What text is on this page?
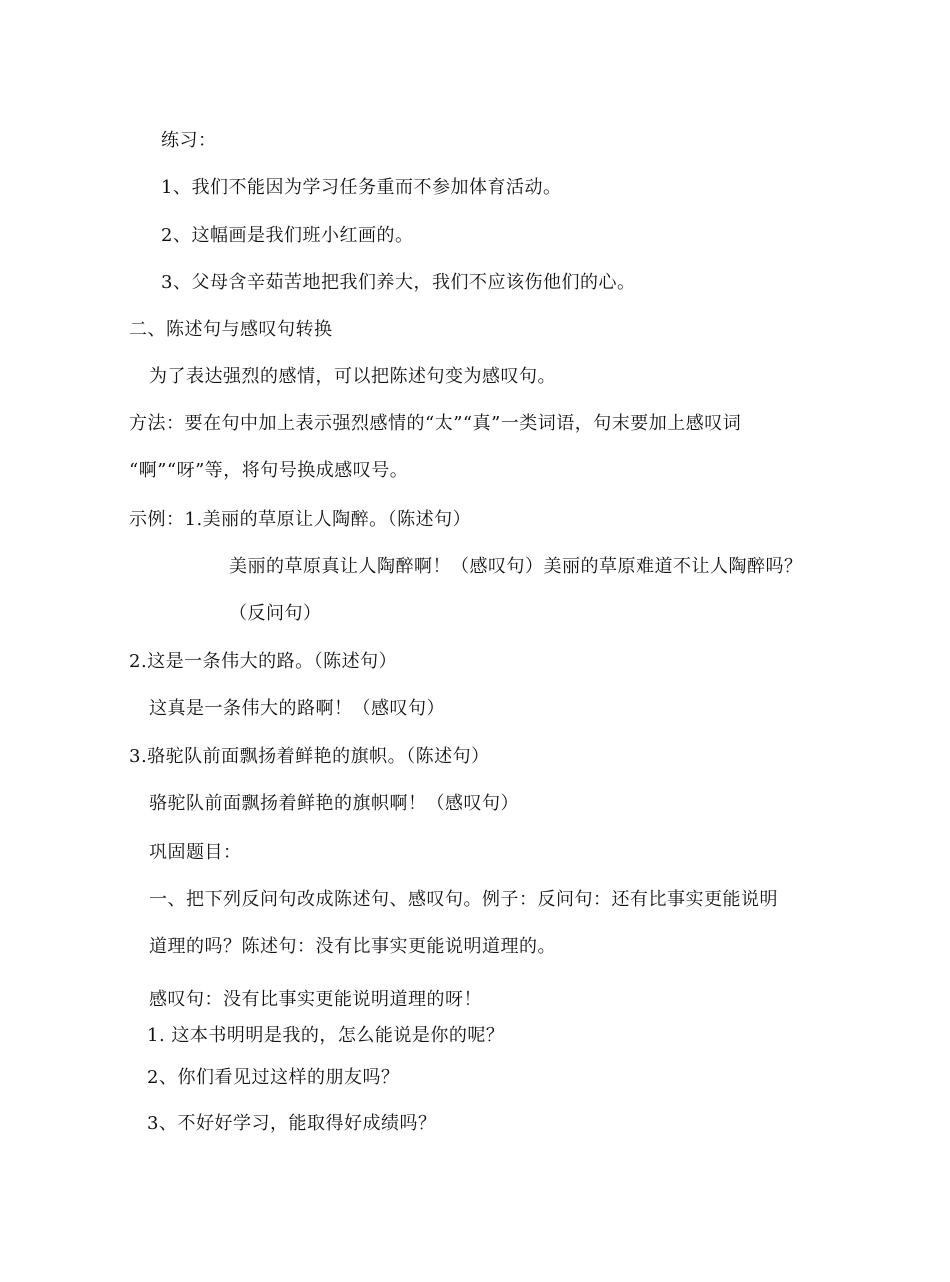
练习：
1、我们不能因为学习任务重而不参加体育活动。
2、这幅画是我们班小红画的。
3、父母含辛茹苦地把我们养大，我们不应该伤他们的心。
二、陈述句与感叹句转换
为了表达强烈的感情，可以把陈述句变为感叹句。
方法：要在句中加上表示强烈感情的“太”“真”一类词语，句末要加上感叹词
“啊”“呀”等，将句号换成感叹号。
示例：1.美丽的草原让人陶醉。（陈述句）
美丽的草原真让人陶醉啊！（感叹句）美丽的草原难道不让人陶醉吗？
（反问句）
2.这是一条伟大的路。（陈述句）
这真是一条伟大的路啊！（感叹句）
3.骆驼队前面飘扬着鲜艳的旗帜。（陈述句）
骆驼队前面飘扬着鲜艳的旗帜啊！（感叹句）
巩固题目：
一、把下列反问句改成陈述句、感叹句。例子：反问句：还有比事实更能说明
道理的吗？陈述句：没有比事实更能说明道理的。
感叹句：没有比事实更能说明道理的呀！
1. 这本书明明是我的，怎么能说是你的呢？
2、你们看见过这样的朋友吗？
3、不好好学习，能取得好成绩吗？
